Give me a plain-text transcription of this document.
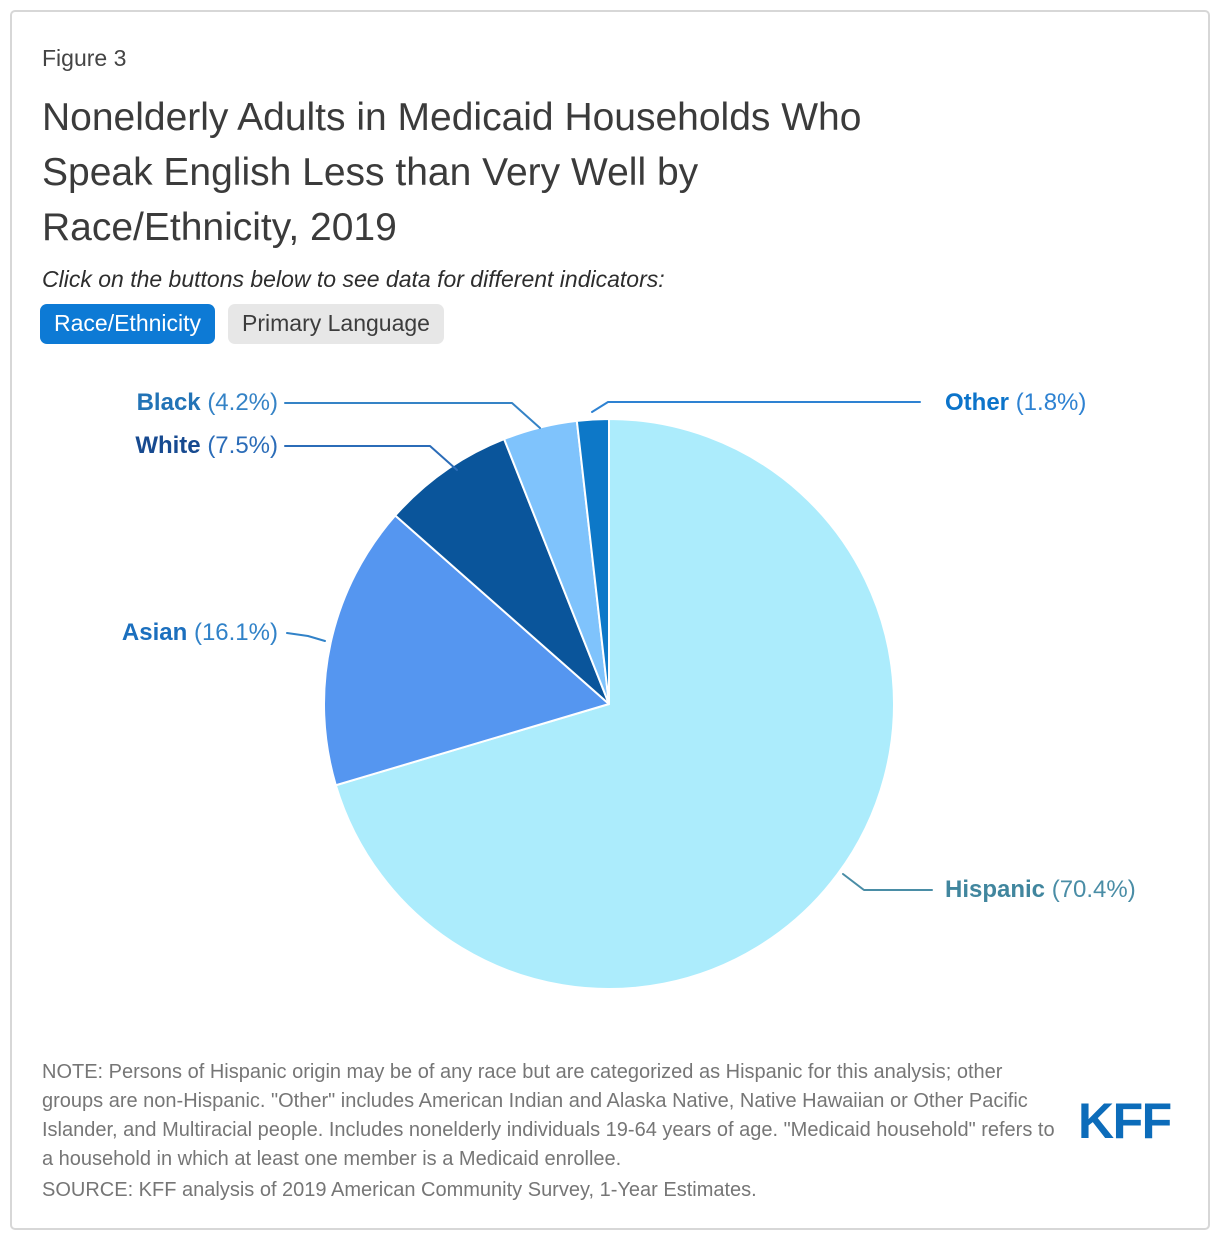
Figure 3
Nonelderly Adults in Medicaid Households Who
Speak English Less than Very Well by
Race/Ethnicity, 2019
Click on the buttons below to see data for different indicators:
Race/Ethnicity	Primary Language
Black (4.2%)
White (7.5%)
Asian (16.1%)
Other (1.8%)
Hispanic (70.4%)

NOTE: Persons of Hispanic origin may be of any race but are categorized as Hispanic for this analysis; other groups are non-Hispanic. "Other" includes American Indian and Alaska Native, Native Hawaiian or Other Pacific Islander, and Multiracial people. Includes nonelderly individuals 19-64 years of age. "Medicaid household" refers to a household in which at least one member is a Medicaid enrollee.

SOURCE: KFF analysis of 2019 American Community Survey, 1-Year Estimates.

KFF
